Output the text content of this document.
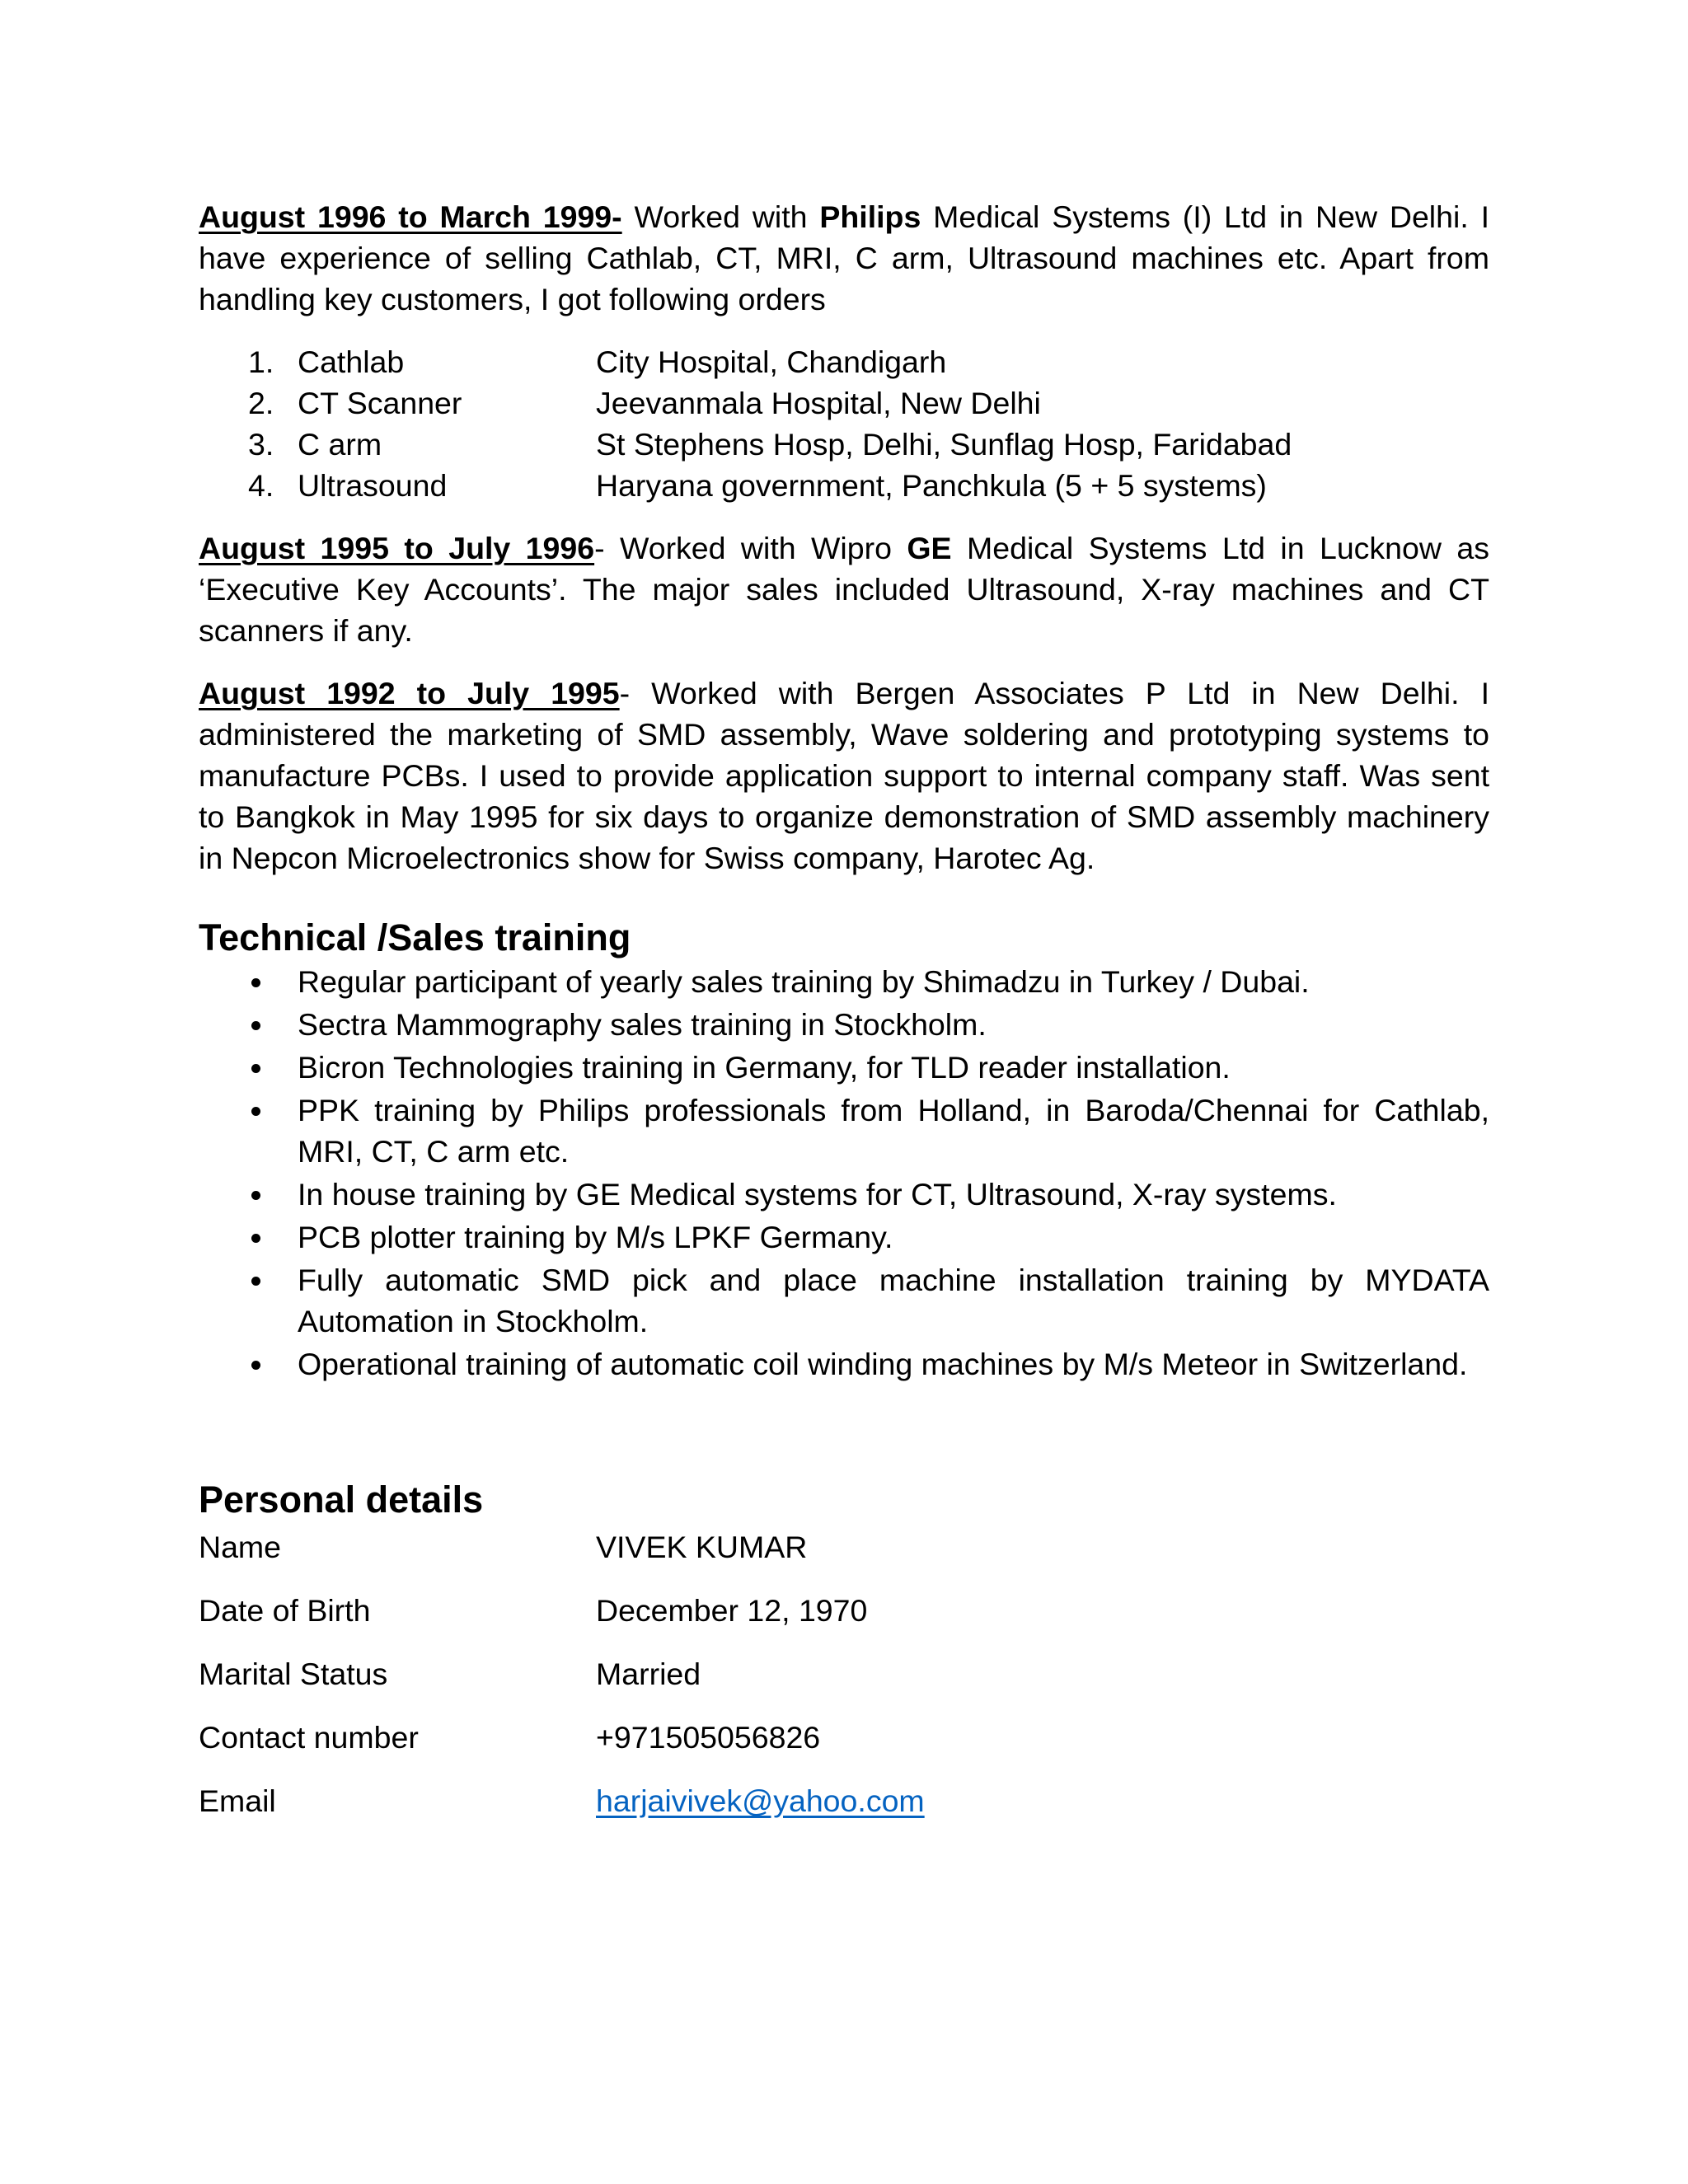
August 1996 to March 1999- Worked with Philips Medical Systems (I) Ltd in New Delhi. I have experience of selling Cathlab, CT, MRI, C arm, Ultrasound machines etc. Apart from handling key customers, I got following orders

1. Cathlab	City Hospital, Chandigarh
2. CT Scanner	Jeevanmala Hospital, New Delhi
3. C arm	St Stephens Hosp, Delhi, Sunflag Hosp, Faridabad
4. Ultrasound	Haryana government, Panchkula (5 + 5 systems)

August 1995 to July 1996- Worked with Wipro GE Medical Systems Ltd in Lucknow as ‘Executive Key Accounts’. The major sales included Ultrasound, X-ray machines and CT scanners if any.

August 1992 to July 1995- Worked with Bergen Associates P Ltd in New Delhi. I administered the marketing of SMD assembly, Wave soldering and prototyping systems to manufacture PCBs. I used to provide application support to internal company staff. Was sent to Bangkok in May 1995 for six days to organize demonstration of SMD assembly machinery in Nepcon Microelectronics show for Swiss company, Harotec Ag.

Technical /Sales training
Regular participant of yearly sales training by Shimadzu in Turkey / Dubai.
Sectra Mammography sales training in Stockholm.
Bicron Technologies training in Germany, for TLD reader installation.
PPK training by Philips professionals from Holland, in Baroda/Chennai for Cathlab, MRI, CT, C arm etc.
In house training by GE Medical systems for CT, Ultrasound, X-ray systems.
PCB plotter training by M/s LPKF Germany.
Fully automatic SMD pick and place machine installation training by MYDATA Automation in Stockholm.
Operational training of automatic coil winding machines by M/s Meteor in Switzerland.
Personal details
Name	VIVEK KUMAR
Date of Birth	December 12, 1970
Marital Status	Married
Contact number	+971505056826
Email	harjaivivek@yahoo.com
